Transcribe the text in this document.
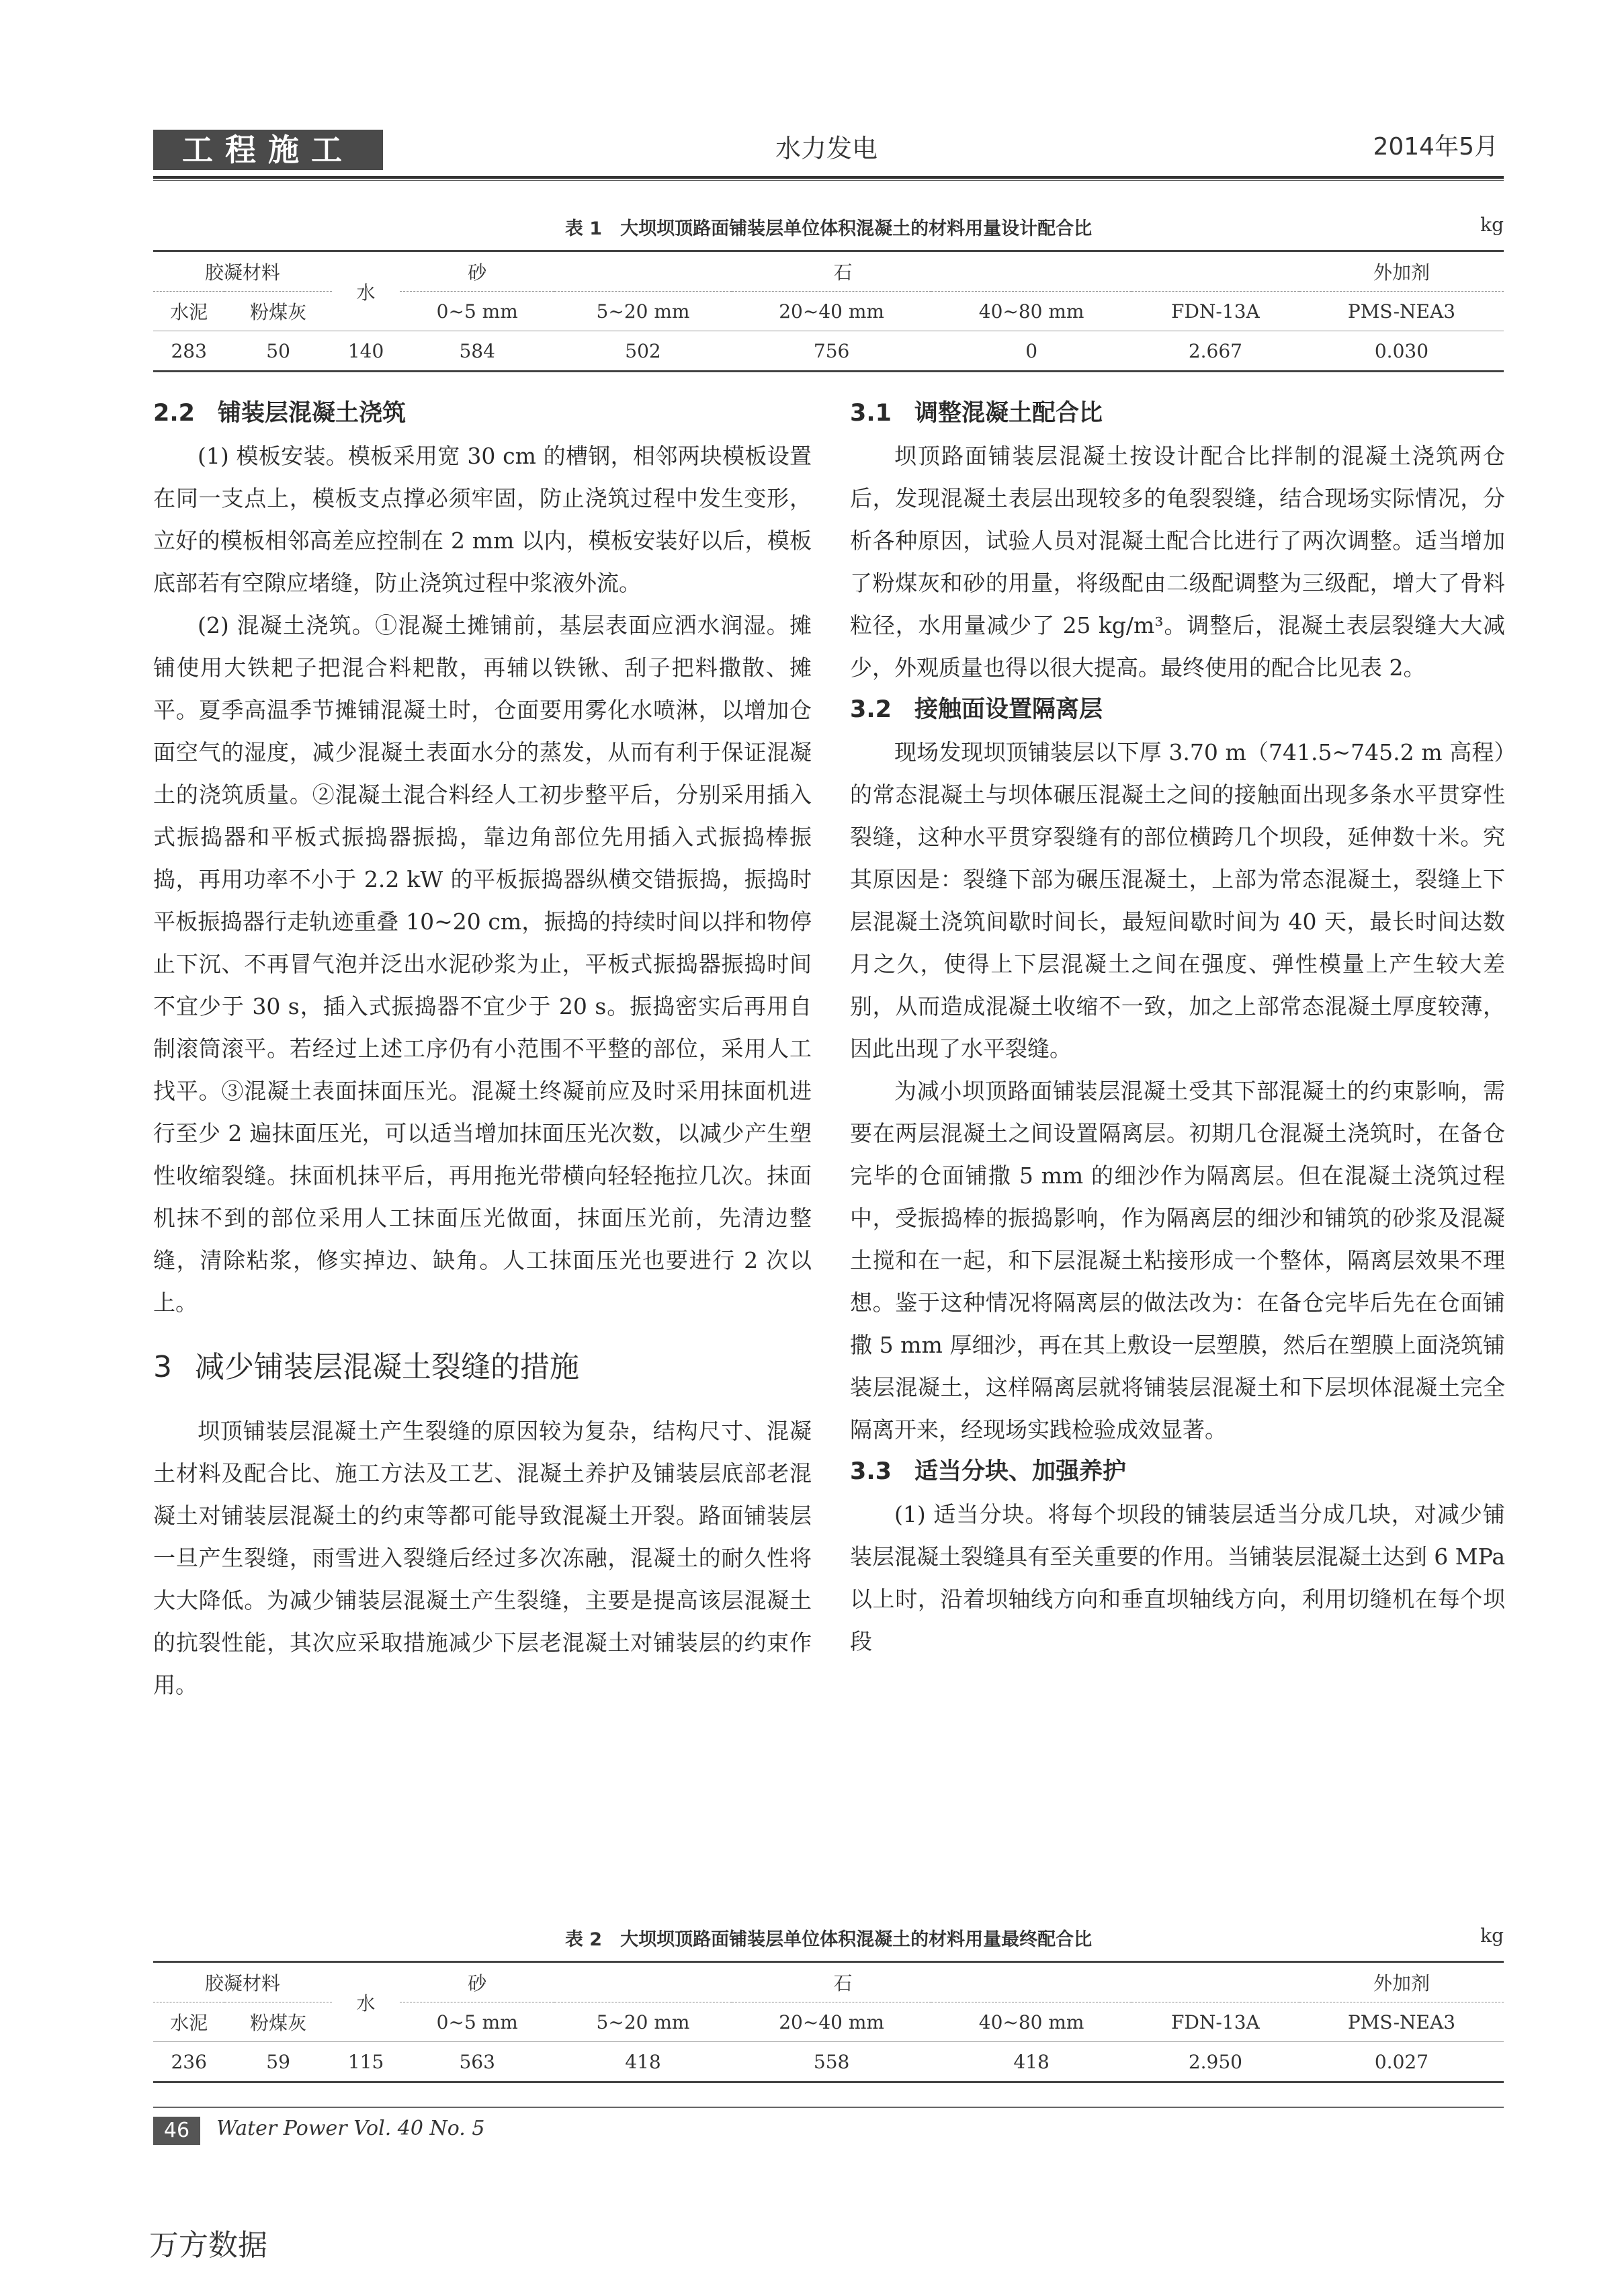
工程施工	水力发电	2014年5月
表 1　大坝坝顶路面铺装层单位体积混凝土的材料用量设计配合比	kg
胶凝材料		水	砂	石				外加剂
水泥	粉煤灰		0~5 mm	5~20 mm	20~40 mm	40~80 mm	FDN-13A	PMS-NEA3
283	50	140	584	502	756	0	2.667	0.030
2.2 铺装层混凝土浇筑

(1) 模板安装。模板采用宽 30 cm 的槽钢，相邻两块模板设置在同一支点上，模板支点撑必须牢固，防止浇筑过程中发生变形，立好的模板相邻高差应控制在 2 mm 以内，模板安装好以后，模板底部若有空隙应堵缝，防止浇筑过程中浆液外流。

(2) 混凝土浇筑。①混凝土摊铺前，基层表面应洒水润湿。摊铺使用大铁耙子把混合料耙散，再辅以铁锹、刮子把料撒散、摊平。夏季高温季节摊铺混凝土时，仓面要用雾化水喷淋，以增加仓面空气的湿度，减少混凝土表面水分的蒸发，从而有利于保证混凝土的浇筑质量。②混凝土混合料经人工初步整平后，分别采用插入式振捣器和平板式振捣器振捣，靠边角部位先用插入式振捣棒振捣，再用功率不小于 2.2 kW 的平板振捣器纵横交错振捣，振捣时平板振捣器行走轨迹重叠 10~20 cm，振捣的持续时间以拌和物停止下沉、不再冒气泡并泛出水泥砂浆为止，平板式振捣器振捣时间不宜少于 30 s，插入式振捣器不宜少于 20 s。振捣密实后再用自制滚筒滚平。若经过上述工序仍有小范围不平整的部位，采用人工找平。③混凝土表面抹面压光。混凝土终凝前应及时采用抹面机进行至少 2 遍抹面压光，可以适当增加抹面压光次数，以减少产生塑性收缩裂缝。抹面机抹平后，再用拖光带横向轻轻拖拉几次。抹面机抹不到的部位采用人工抹面压光做面，抹面压光前，先清边整缝，清除粘浆，修实掉边、缺角。人工抹面压光也要进行 2 次以上。

3 减少铺装层混凝土裂缝的措施

坝顶铺装层混凝土产生裂缝的原因较为复杂，结构尺寸、混凝土材料及配合比、施工方法及工艺、混凝土养护及铺装层底部老混凝土对铺装层混凝土的约束等都可能导致混凝土开裂。路面铺装层一旦产生裂缝，雨雪进入裂缝后经过多次冻融，混凝土的耐久性将大大降低。为减少铺装层混凝土产生裂缝，主要是提高该层混凝土的抗裂性能，其次应采取措施减少下层老混凝土对铺装层的约束作用。

3.1 调整混凝土配合比

坝顶路面铺装层混凝土按设计配合比拌制的混凝土浇筑两仓后，发现混凝土表层出现较多的龟裂裂缝，结合现场实际情况，分析各种原因，试验人员对混凝土配合比进行了两次调整。适当增加了粉煤灰和砂的用量，将级配由二级配调整为三级配，增大了骨料粒径，水用量减少了 25 kg/m³。调整后，混凝土表层裂缝大大减少，外观质量也得以很大提高。最终使用的配合比见表 2。

3.2 接触面设置隔离层

现场发现坝顶铺装层以下厚 3.70 m（741.5~745.2 m 高程）的常态混凝土与坝体碾压混凝土之间的接触面出现多条水平贯穿性裂缝，这种水平贯穿裂缝有的部位横跨几个坝段，延伸数十米。究其原因是：裂缝下部为碾压混凝土，上部为常态混凝土，裂缝上下层混凝土浇筑间歇时间长，最短间歇时间为 40 天，最长时间达数月之久，使得上下层混凝土之间在强度、弹性模量上产生较大差别，从而造成混凝土收缩不一致，加之上部常态混凝土厚度较薄，因此出现了水平裂缝。

为减小坝顶路面铺装层混凝土受其下部混凝土的约束影响，需要在两层混凝土之间设置隔离层。初期几仓混凝土浇筑时，在备仓完毕的仓面铺撒 5 mm 的细沙作为隔离层。但在混凝土浇筑过程中，受振捣棒的振捣影响，作为隔离层的细沙和铺筑的砂浆及混凝土搅和在一起，和下层混凝土粘接形成一个整体，隔离层效果不理想。鉴于这种情况将隔离层的做法改为：在备仓完毕后先在仓面铺撒 5 mm 厚细沙，再在其上敷设一层塑膜，然后在塑膜上面浇筑铺装层混凝土，这样隔离层就将铺装层混凝土和下层坝体混凝土完全隔离开来，经现场实践检验成效显著。

3.3 适当分块、加强养护

(1) 适当分块。将每个坝段的铺装层适当分成几块，对减少铺装层混凝土裂缝具有至关重要的作用。当铺装层混凝土达到 6 MPa 以上时，沿着坝轴线方向和垂直坝轴线方向，利用切缝机在每个坝段

表 2　大坝坝顶路面铺装层单位体积混凝土的材料用量最终配合比	kg
胶凝材料		水	砂	石				外加剂
水泥	粉煤灰		0~5 mm	5~20 mm	20~40 mm	40~80 mm	FDN-13A	PMS-NEA3
236	59	115	563	418	558	418	2.950	0.027
46	Water Power Vol. 40 No. 5
万方数据
